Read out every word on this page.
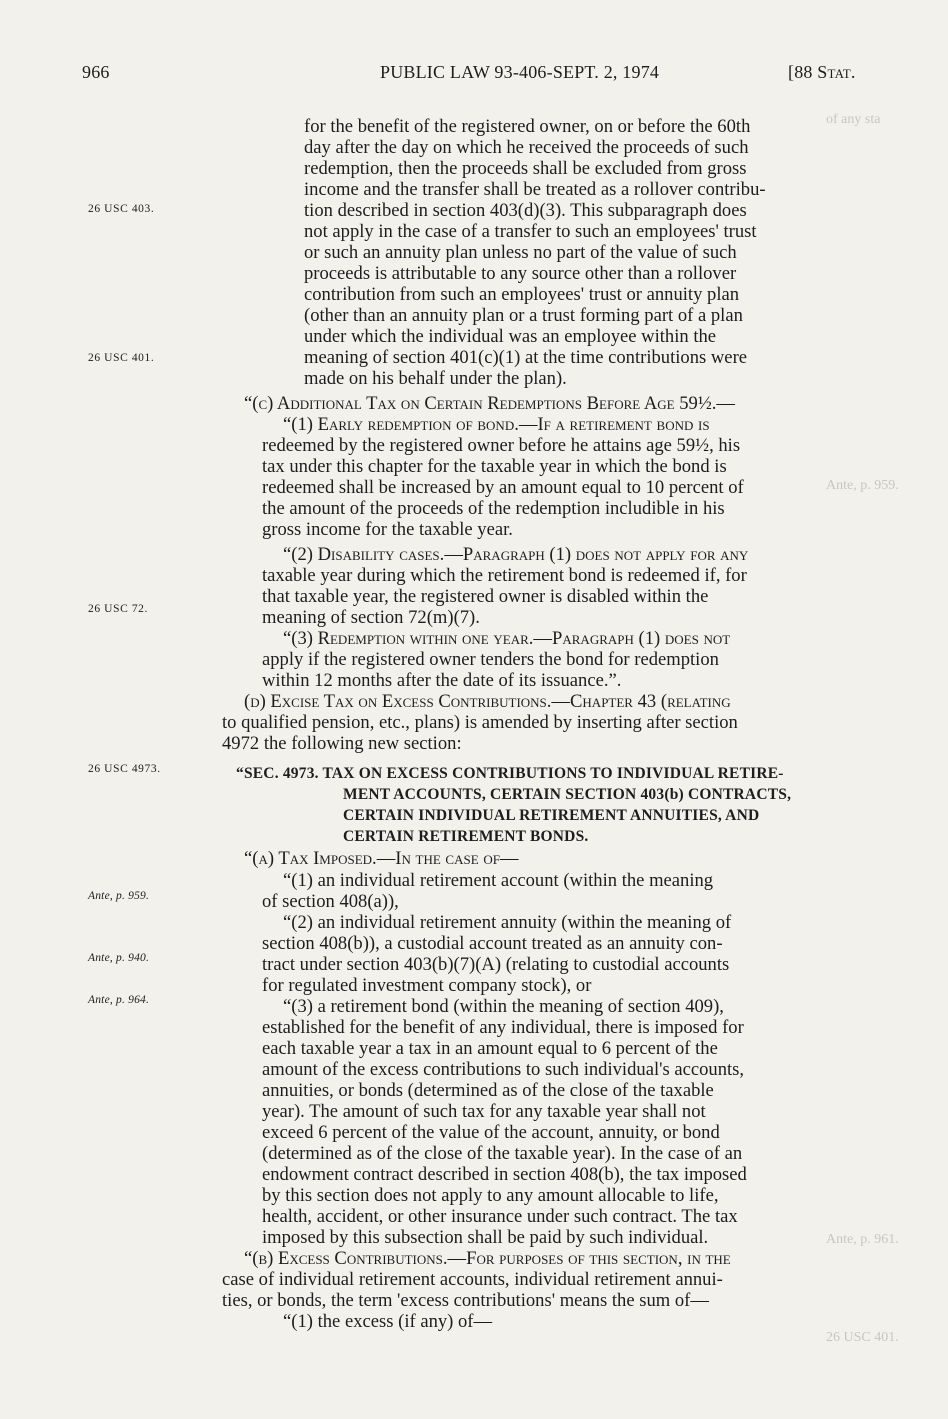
of any sta
Ante, p. 959.
Ante, p. 961.
26 USC 401.
966	PUBLIC LAW 93-406-SEPT. 2, 1974	[88 Stat.
26 USC 403.
26 USC 401.
26 USC 72.
26 USC 4973.
Ante, p. 959.
Ante, p. 940.
Ante, p. 964.
for the benefit of the registered owner, on or before the 60th
day after the day on which he received the proceeds of such
redemption, then the proceeds shall be excluded from gross
income and the transfer shall be treated as a rollover contribu-
tion described in section 403(d)(3). This subparagraph does
not apply in the case of a transfer to such an employees' trust
or such an annuity plan unless no part of the value of such
proceeds is attributable to any source other than a rollover
contribution from such an employees' trust or annuity plan
(other than an annuity plan or a trust forming part of a plan
under which the individual was an employee within the
meaning of section 401(c)(1) at the time contributions were
made on his behalf under the plan).
“(c) Additional Tax on Certain Redemptions Before Age 59½.—
“(1) Early redemption of bond.—If a retirement bond is
redeemed by the registered owner before he attains age 59½, his
tax under this chapter for the taxable year in which the bond is
redeemed shall be increased by an amount equal to 10 percent of
the amount of the proceeds of the redemption includible in his
gross income for the taxable year.
“(2) Disability cases.—Paragraph (1) does not apply for any
taxable year during which the retirement bond is redeemed if, for
that taxable year, the registered owner is disabled within the
meaning of section 72(m)(7).
“(3) Redemption within one year.—Paragraph (1) does not
apply if the registered owner tenders the bond for redemption
within 12 months after the date of its issuance.”.
(d) Excise Tax on Excess Contributions.—Chapter 43 (relating
to qualified pension, etc., plans) is amended by inserting after section
4972 the following new section:
“SEC. 4973. TAX ON EXCESS CONTRIBUTIONS TO INDIVIDUAL RETIRE-
MENT ACCOUNTS, CERTAIN SECTION 403(b) CONTRACTS,
CERTAIN INDIVIDUAL RETIREMENT ANNUITIES, AND
CERTAIN RETIREMENT BONDS.
“(a) Tax Imposed.—In the case of—
“(1) an individual retirement account (within the meaning
of section 408(a)),
“(2) an individual retirement annuity (within the meaning of
section 408(b)), a custodial account treated as an annuity con-
tract under section 403(b)(7)(A) (relating to custodial accounts
for regulated investment company stock), or
“(3) a retirement bond (within the meaning of section 409),
established for the benefit of any individual, there is imposed for
each taxable year a tax in an amount equal to 6 percent of the
amount of the excess contributions to such individual's accounts,
annuities, or bonds (determined as of the close of the taxable
year). The amount of such tax for any taxable year shall not
exceed 6 percent of the value of the account, annuity, or bond
(determined as of the close of the taxable year). In the case of an
endowment contract described in section 408(b), the tax imposed
by this section does not apply to any amount allocable to life,
health, accident, or other insurance under such contract. The tax
imposed by this subsection shall be paid by such individual.
“(b) Excess Contributions.—For purposes of this section, in the
case of individual retirement accounts, individual retirement annui-
ties, or bonds, the term 'excess contributions' means the sum of—
“(1) the excess (if any) of—
